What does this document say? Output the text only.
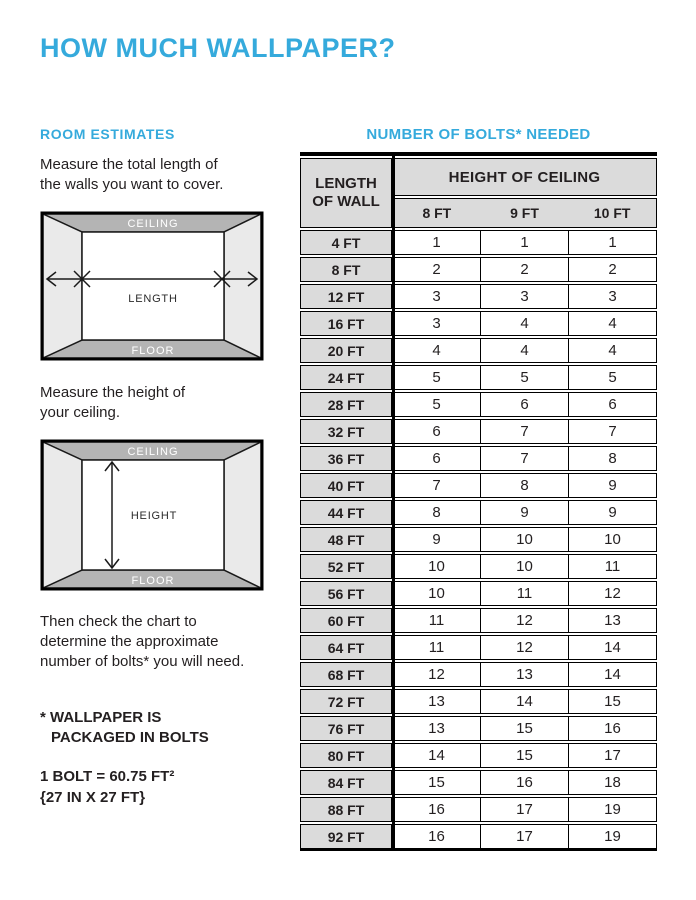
HOW MUCH WALLPAPER?
ROOM ESTIMATES

Measure the total length of
the walls you want to cover.

CEILING
FLOOR
LENGTH

Measure the height of
your ceiling.

CEILING
FLOOR
HEIGHT

Then check the chart to
determine the approximate
number of bolts* you will need.

* WALLPAPER IS
PACKAGED IN BOLTS
1 BOLT = 60.75 FT²
{27 IN X 27 FT}
NUMBER OF BOLTS* NEEDED
LENGTH
OF WALL
HEIGHT OF CEILING
8 FT	9 FT	10 FT
4 FT	1	1	1
8 FT	2	2	2
12 FT	3	3	3
16 FT	3	4	4
20 FT	4	4	4
24 FT	5	5	5
28 FT	5	6	6
32 FT	6	7	7
36 FT	6	7	8
40 FT	7	8	9
44 FT	8	9	9
48 FT	9	10	10
52 FT	10	10	11
56 FT	10	11	12
60 FT	11	12	13
64 FT	11	12	14
68 FT	12	13	14
72 FT	13	14	15
76 FT	13	15	16
80 FT	14	15	17
84 FT	15	16	18
88 FT	16	17	19
92 FT	16	17	19
